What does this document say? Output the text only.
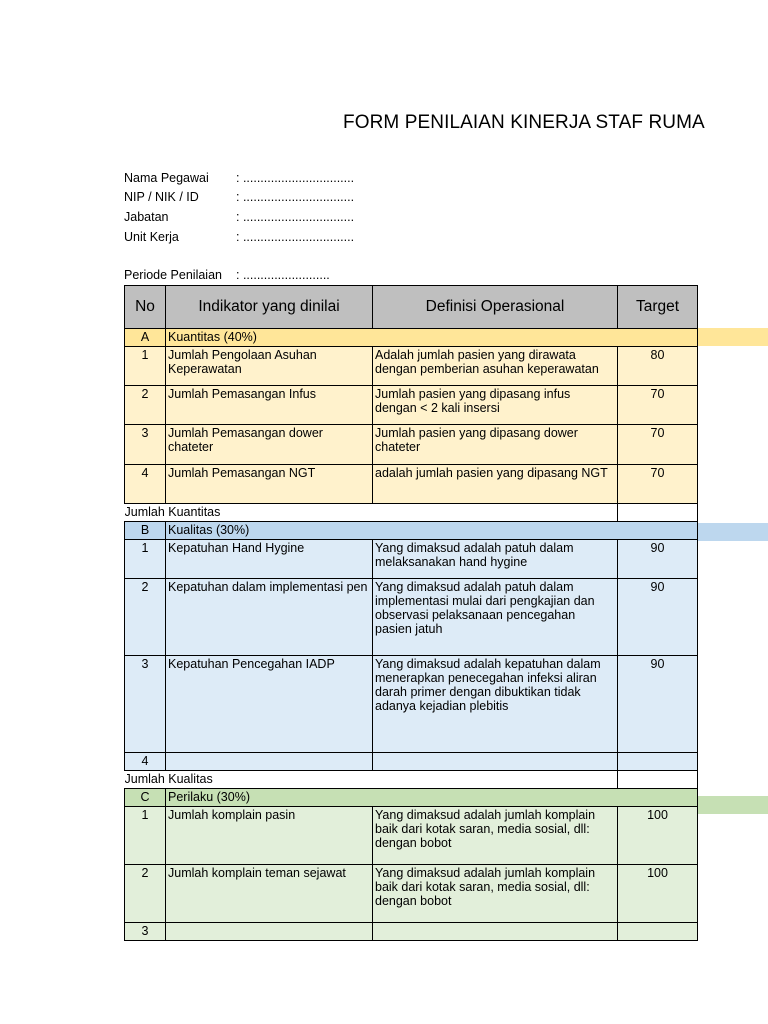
FORM PENILAIAN KINERJA STAF RUMA
Nama Pegawai : ................................
NIP / NIK / ID	: ................................
Jabatan	: ................................
Unit Kerja	: ................................
Periode Penilaian : .........................
No	Indikator yang dinilai	Definisi Operasional	Target
A	Kuantitas (40%)		
1	Jumlah Pengolaan Asuhan Keperawatan	Adalah jumlah pasien yang dirawata dengan pemberian asuhan keperawatan	80
2	Jumlah Pemasangan Infus	Jumlah pasien yang dipasang infus dengan < 2 kali insersi	70
3	Jumlah Pemasangan dower chateter	Jumlah pasien yang dipasang dower chateter	70
4	Jumlah Pemasangan NGT	adalah jumlah pasien yang dipasang NGT	70
Jumlah Kuantitas			
B	Kualitas (30%)		
1	Kepatuhan Hand Hygine	Yang dimaksud adalah patuh dalam melaksanakan hand hygine	90
2	Kepatuhan dalam implementasi pen	Yang dimaksud adalah patuh dalam implementasi mulai dari pengkajian dan observasi pelaksanaan pencegahan pasien jatuh	90
3	Kepatuhan Pencegahan IADP	Yang dimaksud adalah kepatuhan dalam menerapkan penecegahan infeksi aliran darah primer dengan dibuktikan tidak adanya kejadian plebitis	90
4			
Jumlah Kualitas			
C	Perilaku (30%)		
1	Jumlah komplain pasin	Yang dimaksud adalah jumlah komplain baik dari kotak saran, media sosial, dll: dengan bobot	100
2	Jumlah komplain teman sejawat	Yang dimaksud adalah jumlah komplain baik dari kotak saran, media sosial, dll: dengan bobot	100
3			
